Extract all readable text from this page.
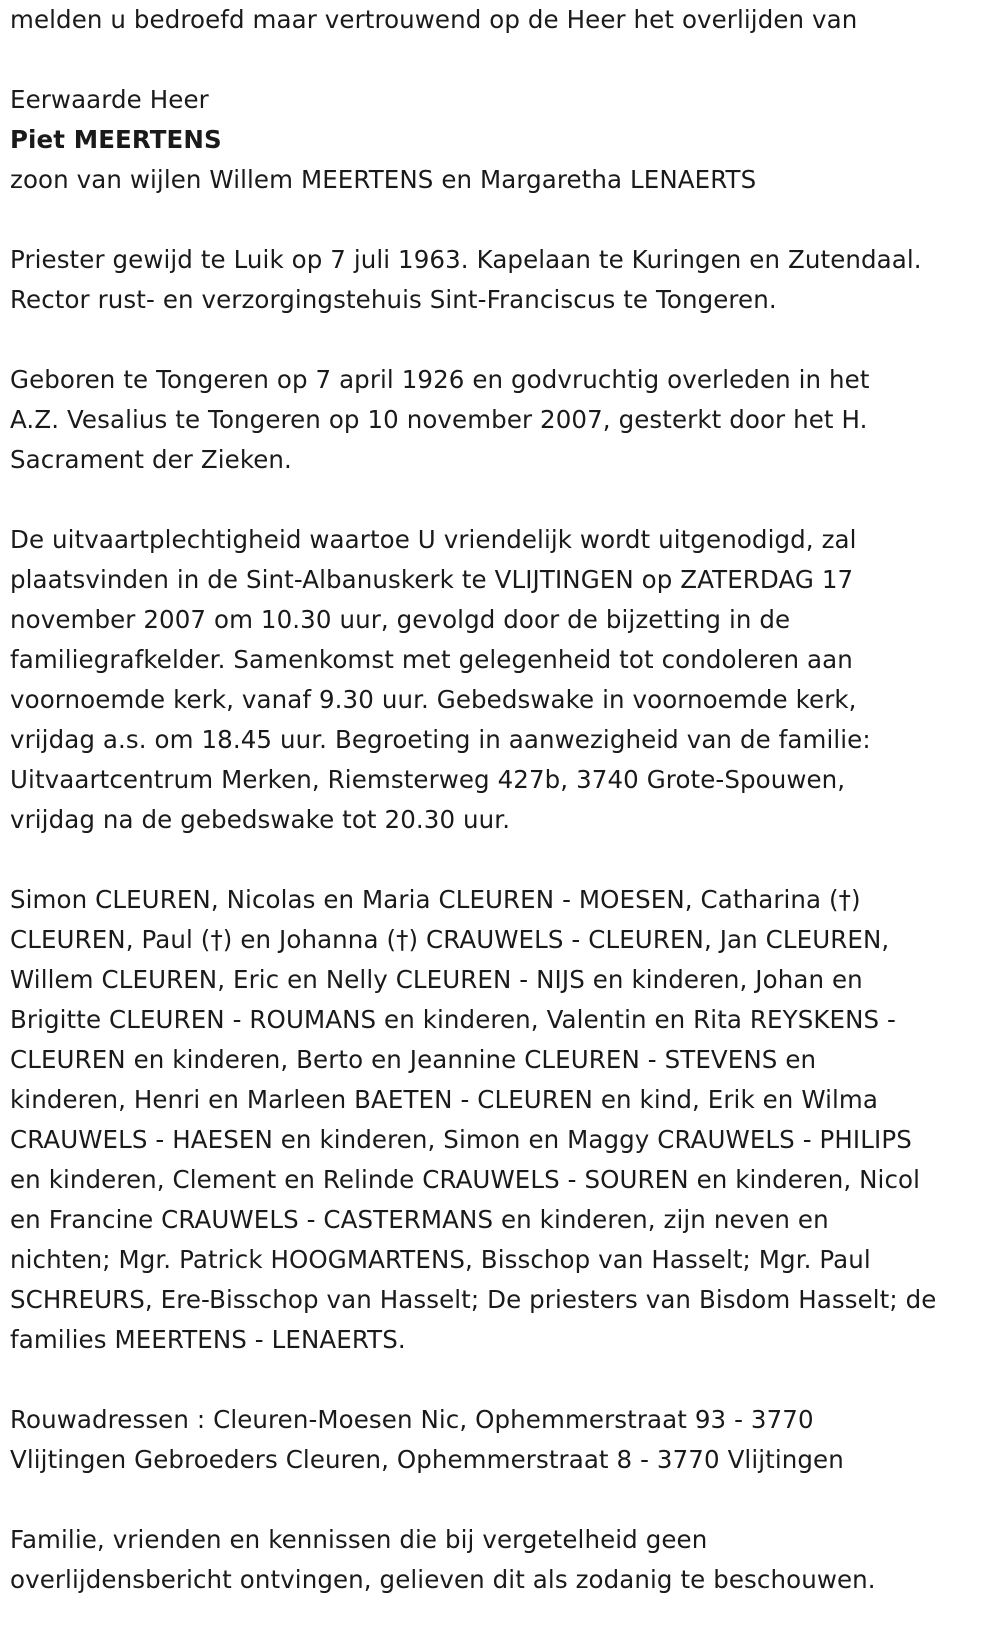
melden u bedroefd maar vertrouwend op de Heer het overlijden van

Eerwaarde Heer

Piet MEERTENS

zoon van wijlen Willem MEERTENS en Margaretha LENAERTS

Priester gewijd te Luik op 7 juli 1963. Kapelaan te Kuringen en Zutendaal.

Rector rust- en verzorgingstehuis Sint-Franciscus te Tongeren.

Geboren te Tongeren op 7 april 1926 en godvruchtig overleden in het

A.Z. Vesalius te Tongeren op 10 november 2007, gesterkt door het H.

Sacrament der Zieken.

De uitvaartplechtigheid waartoe U vriendelijk wordt uitgenodigd, zal

plaatsvinden in de Sint-Albanuskerk te VLIJTINGEN op ZATERDAG 17

november 2007 om 10.30 uur, gevolgd door de bijzetting in de

familiegrafkelder. Samenkomst met gelegenheid tot condoleren aan

voornoemde kerk, vanaf 9.30 uur. Gebedswake in voornoemde kerk,

vrijdag a.s. om 18.45 uur. Begroeting in aanwezigheid van de familie:

Uitvaartcentrum Merken, Riemsterweg 427b, 3740 Grote-Spouwen,

vrijdag na de gebedswake tot 20.30 uur.

Simon CLEUREN, Nicolas en Maria CLEUREN - MOESEN, Catharina (†)

CLEUREN, Paul (†) en Johanna (†) CRAUWELS - CLEUREN, Jan CLEUREN,

Willem CLEUREN, Eric en Nelly CLEUREN - NIJS en kinderen, Johan en

Brigitte CLEUREN - ROUMANS en kinderen, Valentin en Rita REYSKENS -

CLEUREN en kinderen, Berto en Jeannine CLEUREN - STEVENS en

kinderen, Henri en Marleen BAETEN - CLEUREN en kind, Erik en Wilma

CRAUWELS - HAESEN en kinderen, Simon en Maggy CRAUWELS - PHILIPS

en kinderen, Clement en Relinde CRAUWELS - SOUREN en kinderen, Nicol

en Francine CRAUWELS - CASTERMANS en kinderen, zijn neven en

nichten; Mgr. Patrick HOOGMARTENS, Bisschop van Hasselt; Mgr. Paul

SCHREURS, Ere-Bisschop van Hasselt; De priesters van Bisdom Hasselt; de

families MEERTENS - LENAERTS.

Rouwadressen : Cleuren-Moesen Nic, Ophemmerstraat 93 - 3770

Vlijtingen Gebroeders Cleuren, Ophemmerstraat 8 - 3770 Vlijtingen

Familie, vrienden en kennissen die bij vergetelheid geen

overlijdensbericht ontvingen, gelieven dit als zodanig te beschouwen.
